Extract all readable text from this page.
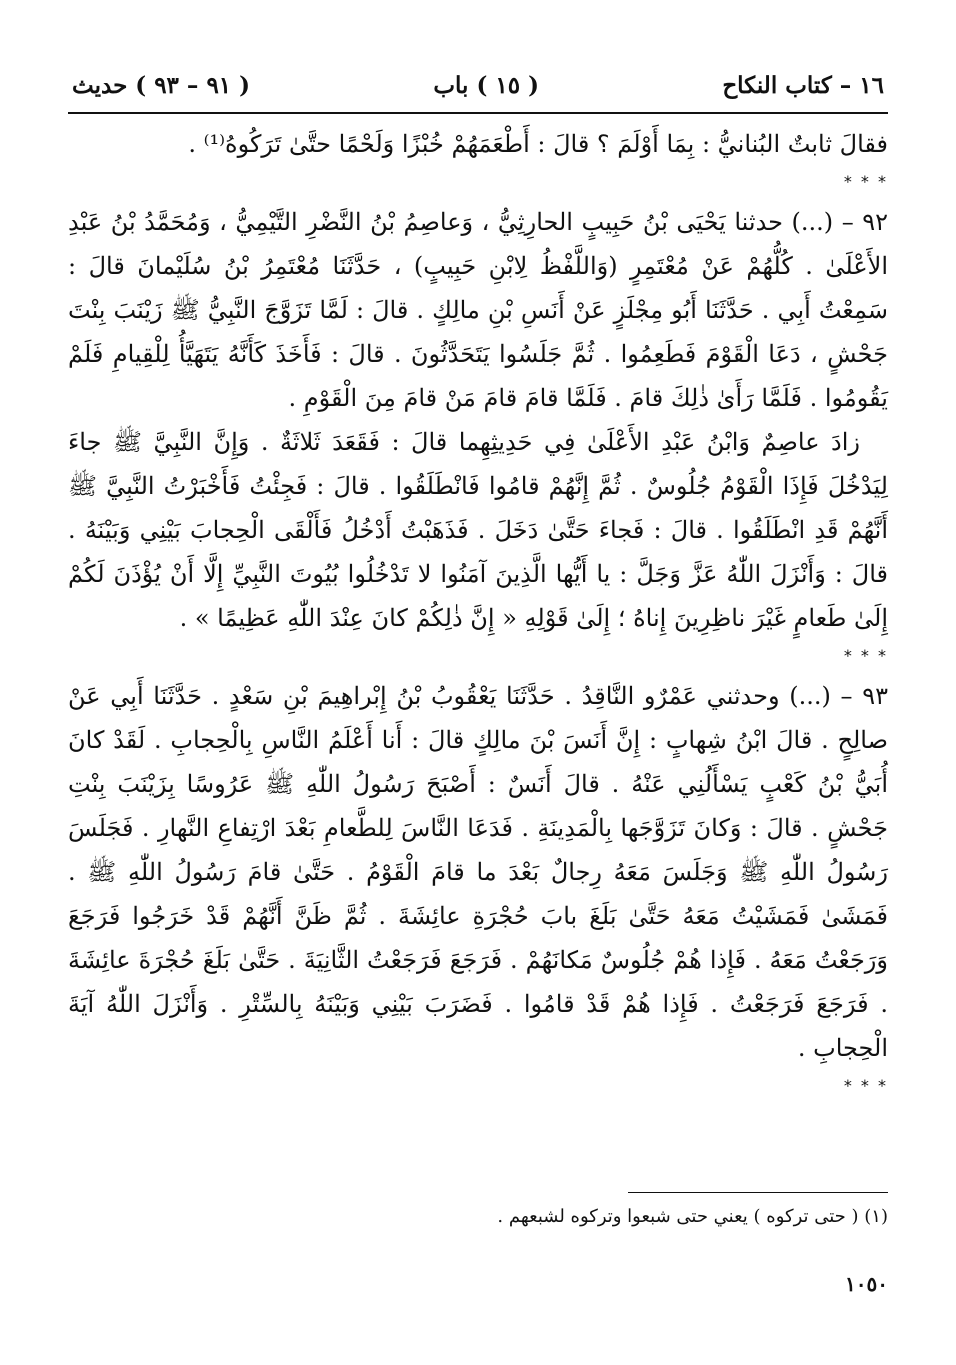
١٦ – كتاب النكاح
( ١٥ ) باب
( ٩١ – ٩٣ ) حديث

فقالَ ثابتٌ البُنانيُّ : بِمَا أَوْلَمَ ؟ قالَ : أَطْعَمَهُمْ خُبْزًا وَلَحْمًا حتَّىٰ تَرَكُوهُ⁽¹⁾ .

* * *

٩٢ – (...) حدثنا يَحْيَى بْنُ حَبِيبٍ الحارِثِيُّ ، وَعاصِمُ بْنُ النَّضْرِ التَّيْمِيُّ ، وَمُحَمَّدُ بْنُ عَبْدِ الأَعْلَىٰ . كُلُّهُمْ عَنْ مُعْتَمِرٍ (وَاللَّفْظُ لِابْنِ حَبِيبٍ) ، حَدَّثَنَا مُعْتَمِرُ بْنُ سُلَيْمانَ قالَ : سَمِعْتُ أَبِي . حَدَّثَنَا أَبُو مِجْلَزٍ عَنْ أَنَسِ بْنِ مالِكٍ . قالَ : لَمَّا تَزَوَّجَ النَّبِيُّ ﷺ زَيْنَبَ بِنْتَ جَحْشٍ ، دَعَا الْقَوْمَ فَطَعِمُوا . ثُمَّ جَلَسُوا يَتَحَدَّثُونَ . قالَ : فَأَخَذَ كَأَنَّهُ يَتَهَيَّأُ لِلْقِيامِ فَلَمْ يَقُومُوا . فَلَمَّا رَأَىٰ ذٰلِكَ قامَ . فَلَمَّا قامَ قامَ مَنْ قامَ مِنَ الْقَوْمِ .

زادَ عاصِمٌ وَابْنُ عَبْدِ الأَعْلَىٰ فِي حَدِيثِهِما قالَ : فَقَعَدَ ثَلاثَةٌ . وَإِنَّ النَّبِيَّ ﷺ جاءَ لِيَدْخُلَ فَإِذَا الْقَوْمُ جُلُوسٌ . ثُمَّ إِنَّهُمْ قامُوا فَانْطَلَقُوا . قالَ : فَجِئْتُ فَأَخْبَرْتُ النَّبِيَّ ﷺ أَنَّهُمْ قَدِ انْطَلَقُوا . قالَ : فَجاءَ حَتَّىٰ دَخَلَ . فَذَهَبْتُ أَدْخُلُ فَأَلْقَى الْحِجابَ بَيْنِي وَبَيْنَهُ . قالَ : وَأَنْزَلَ اللّٰهُ عَزَّ وَجَلَّ : يا أَيُّها الَّذِينَ آمَنُوا لا تَدْخُلُوا بُيُوتَ النَّبِيِّ إِلَّا أَنْ يُؤْذَنَ لَكُمْ إِلَىٰ طَعامٍ غَيْرَ ناظِرِينَ إِناهُ ؛ إِلَىٰ قَوْلِهِ « إِنَّ ذٰلِكُمْ كانَ عِنْدَ اللّٰهِ عَظِيمًا » .

* * *

٩٣ – (...) وحدثني عَمْرٌو النَّاقِدُ . حَدَّثَنَا يَعْقُوبُ بْنُ إِبْراهِيمَ بْنِ سَعْدٍ . حَدَّثَنَا أَبِي عَنْ صالِحٍ . قالَ ابْنُ شِهابٍ : إِنَّ أَنَسَ بْنَ مالِكٍ قالَ : أَنا أَعْلَمُ النَّاسِ بِالْحِجابِ . لَقَدْ كانَ أُبَيُّ بْنُ كَعْبٍ يَسْأَلُنِي عَنْهُ . قالَ أَنَسٌ : أَصْبَحَ رَسُولُ اللّٰهِ ﷺ عَرُوسًا بِزَيْنَبَ بِنْتِ جَحْشٍ . قالَ : وَكانَ تَزَوَّجَها بِالْمَدِينَةِ . فَدَعَا النَّاسَ لِلطَّعامِ بَعْدَ ارْتِفاعِ النَّهارِ . فَجَلَسَ رَسُولُ اللّٰهِ ﷺ وَجَلَسَ مَعَهُ رِجالٌ بَعْدَ ما قامَ الْقَوْمُ . حَتَّىٰ قامَ رَسُولُ اللّٰهِ ﷺ . فَمَشَىٰ فَمَشَيْتُ مَعَهُ حَتَّىٰ بَلَغَ بابَ حُجْرَةِ عائِشَةَ . ثُمَّ ظَنَّ أَنَّهُمْ قَدْ خَرَجُوا فَرَجَعَ وَرَجَعْتُ مَعَهُ . فَإِذا هُمْ جُلُوسٌ مَكانَهُمْ . فَرَجَعَ فَرَجَعْتُ الثَّانِيَةَ . حَتَّىٰ بَلَغَ حُجْرَةَ عائِشَةَ . فَرَجَعَ فَرَجَعْتُ . فَإِذا هُمْ قَدْ قامُوا . فَضَرَبَ بَيْنِي وَبَيْنَهُ بِالسِّتْرِ . وَأَنْزَلَ اللّٰهُ آيَةَ الْحِجابِ .

* * *
(١) ( حتى تركوه ) يعني حتى شبعوا وتركوه لشبعهم .
١٠٥٠
